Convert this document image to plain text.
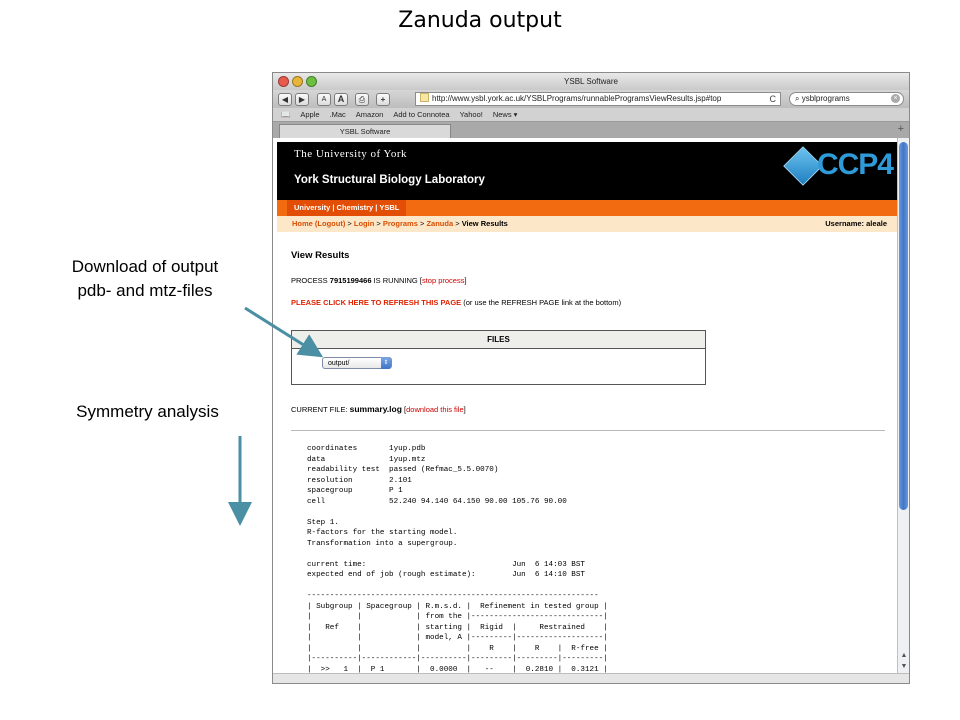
Zanuda output
Download of output
pdb- and mtz-files
Symmetry analysis
YSBL Software
◀	▶	A	A	⎙	+	http://www.ysbl.york.ac.uk/YSBLPrograms/runnableProgramsViewResults.jsp#top	C	⌕ ysblprograms	×
📖 Apple .Mac Amazon Add to Connotea Yahoo! News ▾
YSBL Software	+
The University of York
York Structural Biology Laboratory	CCP4
University | Chemistry | YSBL
Home (Logout) > Login > Programs > Zanuda > View Results	Username: aleale
View Results
PROCESS 7915199466 IS RUNNING [stop process]
PLEASE CLICK HERE TO REFRESH THIS PAGE (or use the REFRESH PAGE link at the bottom)
FILES
output/	⇕
CURRENT FILE: summary.log [download this file]
coordinates       1yup.pdb
data              1yup.mtz
readability test  passed (Refmac_5.5.0070)
resolution        2.101
spacegroup        P 1
cell              52.240 94.140 64.150 90.00 105.76 90.00

Step 1.
R-factors for the starting model.
Transformation into a supergroup.

current time:                                Jun  6 14:03 BST
expected end of job (rough estimate):        Jun  6 14:10 BST

----------------------------------------------------------------
| Subgroup | Spacegroup | R.m.s.d. |  Refinement in tested group |
|          |            | from the |-----------------------------|
|   Ref    |            | starting |  Rigid  |     Restrained    |
|          |            | model, A |---------|-------------------|
|          |            |          |    R    |    R    |  R-free |
|----------|------------|----------|---------|---------|---------|
|  >>   1  |  P 1       |  0.0000  |   --    |  0.2810 |  0.3121 |
▲
▼
